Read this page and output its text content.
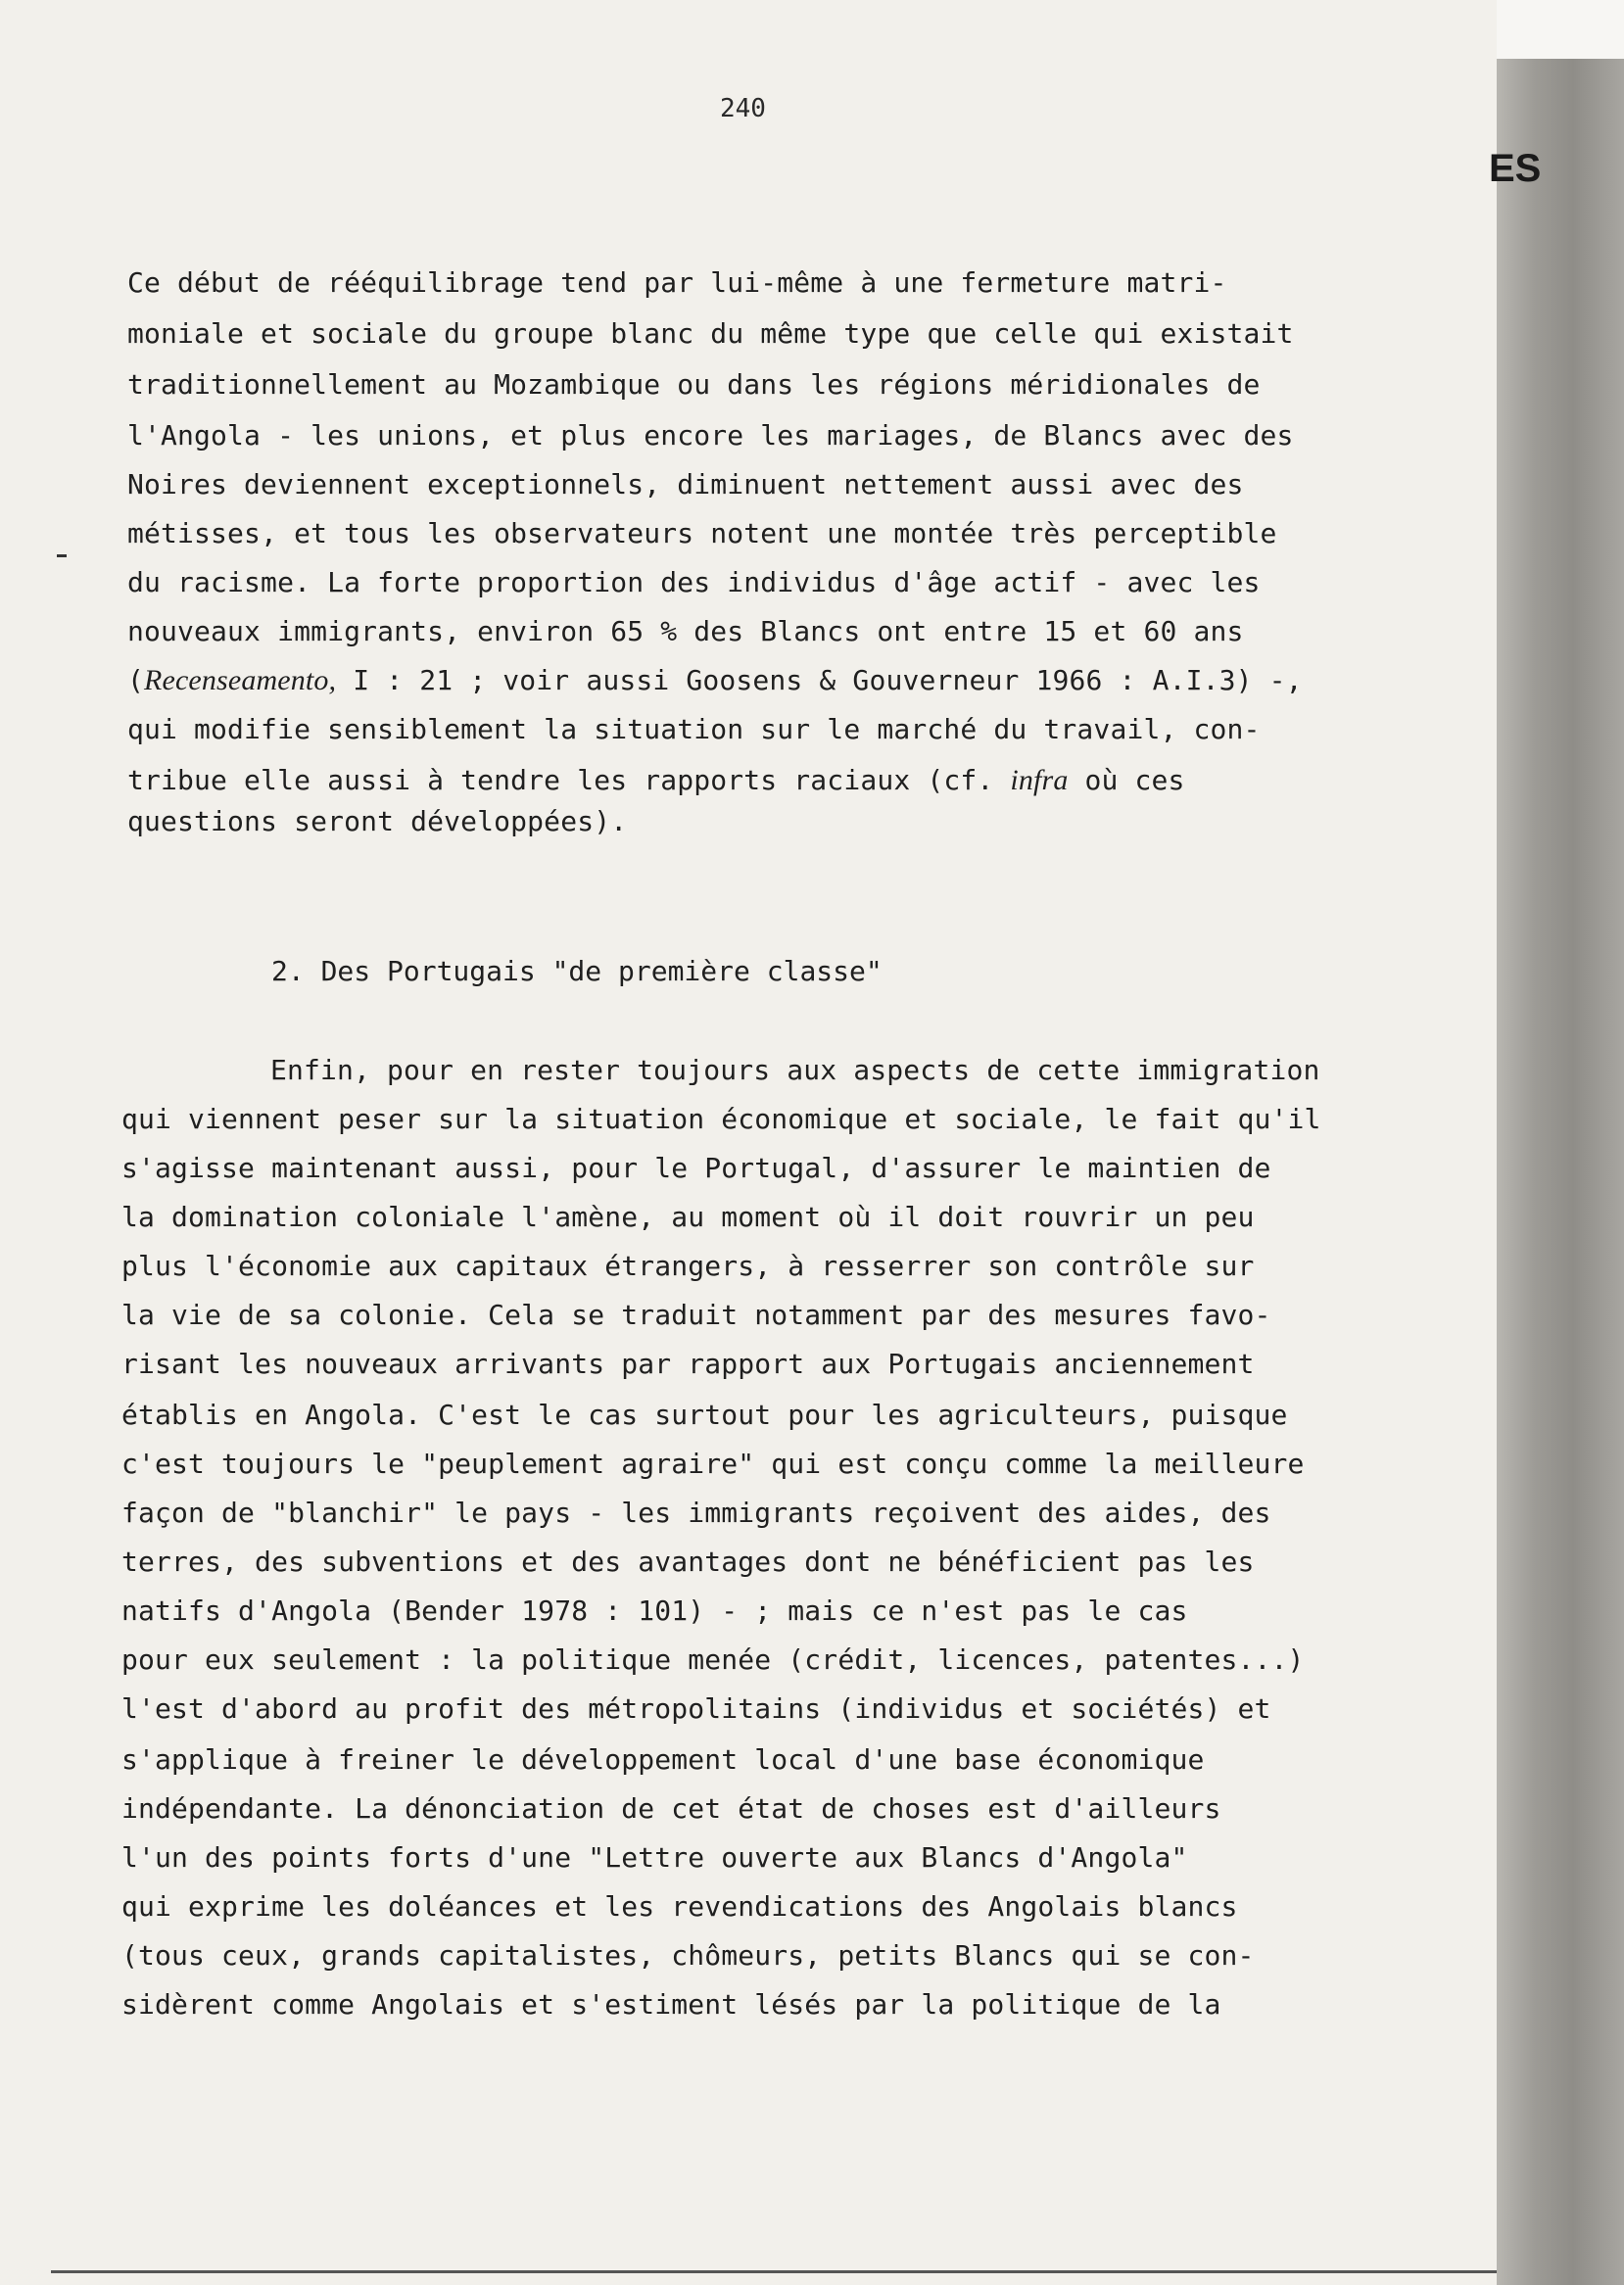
ES
240
Ce début de rééquilibrage tend par lui-même à une fermeture matri-
moniale et sociale du groupe blanc du même type que celle qui existait
traditionnellement au Mozambique ou dans les régions méridionales de
l'Angola - les unions, et plus encore les mariages, de Blancs avec des
Noires deviennent exceptionnels, diminuent nettement aussi avec des
métisses, et tous les observateurs notent une montée très perceptible
du racisme. La forte proportion des individus d'âge actif - avec les
nouveaux immigrants, environ 65 % des Blancs ont entre 15 et 60 ans
(Recenseamento, I : 21 ; voir aussi Goosens & Gouverneur 1966 : A.I.3) -,
qui modifie sensiblement la situation sur le marché du travail, con-
tribue elle aussi à tendre les rapports raciaux (cf. infra où ces
questions seront développées).
2. Des Portugais "de première classe"
Enfin, pour en rester toujours aux aspects de cette immigration
qui viennent peser sur la situation économique et sociale, le fait qu'il
s'agisse maintenant aussi, pour le Portugal, d'assurer le maintien de
la domination coloniale l'amène, au moment où il doit rouvrir un peu
plus l'économie aux capitaux étrangers, à resserrer son contrôle sur
la vie de sa colonie. Cela se traduit notamment par des mesures favo-
risant les nouveaux arrivants par rapport aux Portugais anciennement
établis en Angola. C'est le cas surtout pour les agriculteurs, puisque
c'est toujours le "peuplement agraire" qui est conçu comme la meilleure
façon de "blanchir" le pays - les immigrants reçoivent des aides, des
terres, des subventions et des avantages dont ne bénéficient pas les
natifs d'Angola (Bender 1978 : 101) - ; mais ce n'est pas le cas
pour eux seulement : la politique menée (crédit, licences, patentes...)
l'est d'abord au profit des métropolitains (individus et sociétés) et
s'applique à freiner le développement local d'une base économique
indépendante. La dénonciation de cet état de choses est d'ailleurs
l'un des points forts d'une "Lettre ouverte aux Blancs d'Angola"
qui exprime les doléances et les revendications des Angolais blancs
(tous ceux, grands capitalistes, chômeurs, petits Blancs qui se con-
sidèrent comme Angolais et s'estiment lésés par la politique de la
